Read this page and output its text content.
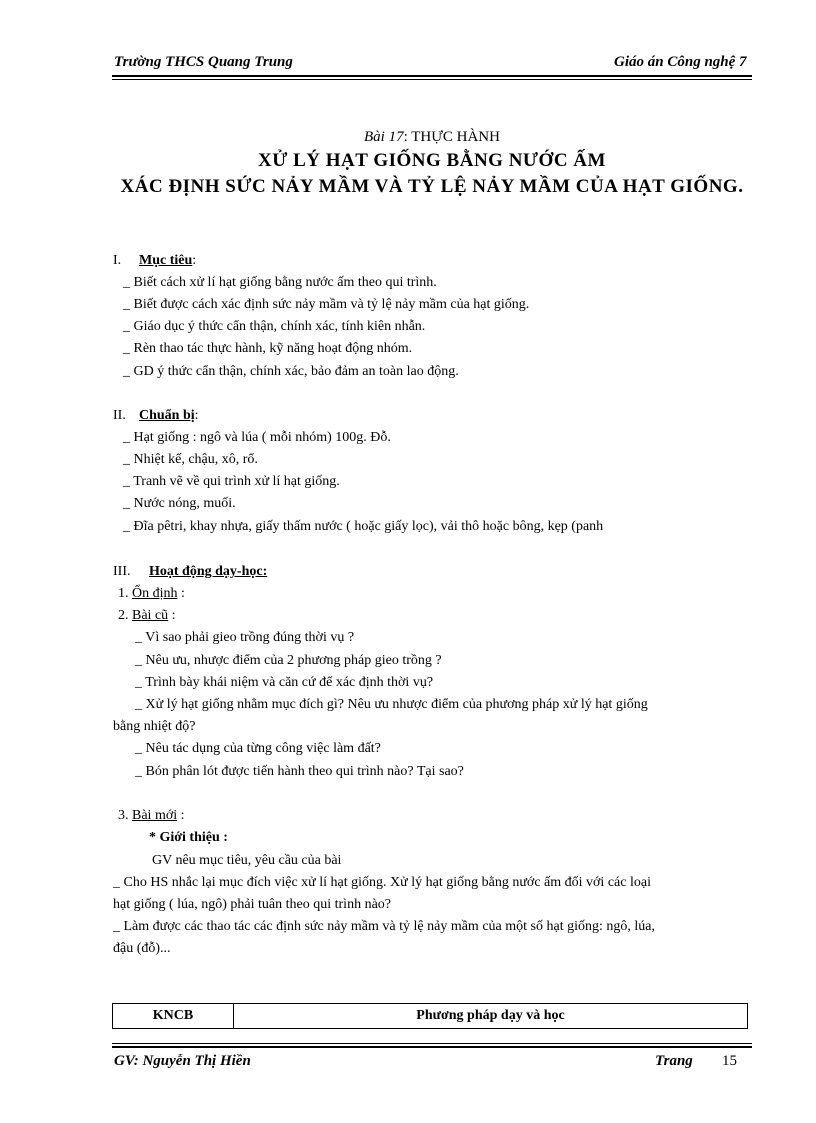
Trường THCS Quang Trung	Giáo án Công nghệ 7
Bài 17: THỰC HÀNH
XỬ LÝ HẠT GIỐNG BẰNG NƯỚC ẤM
XÁC ĐỊNH SỨC NẢY MẦM VÀ TỶ LỆ NẢY MẦM CỦA HẠT GIỐNG.
I. Mục tiêu:
_ Biết cách xử lí hạt giống bằng nước ấm theo qui trình.
_ Biết được cách xác định sức nảy mầm và tỷ lệ nảy mầm của hạt giống.
_ Giáo dục ý thức cẩn thận, chính xác, tính kiên nhẫn.
_ Rèn thao tác thực hành, kỹ năng hoạt động nhóm.
_ GD ý thức cẩn thận, chính xác, bảo đảm an toàn lao động.
II. Chuẩn bị:
_ Hạt giống : ngô và lúa ( mỗi nhóm) 100g. Đỗ.
_ Nhiệt kế, chậu, xô, rổ.
_ Tranh vẽ về qui trình xử lí hạt giống.
_ Nước nóng, muối.
_ Đĩa pêtri, khay nhựa, giấy thấm nước ( hoặc giấy lọc), vải thô hoặc bông, kẹp (panh
III. Hoạt động dạy-học:
1. Ổn định :
2. Bài cũ :
_ Vì sao phải gieo trồng đúng thời vụ ?
_ Nêu ưu, nhược điểm của 2 phương pháp gieo trồng ?
_ Trình bày khái niệm và căn cứ để xác định thời vụ?
_ Xử lý hạt giống nhằm mục đích gì? Nêu ưu nhược điểm của phương pháp xử lý hạt giống
bằng nhiệt độ?
_ Nêu tác dụng của từng công việc làm đất?
_ Bón phân lót được tiến hành theo qui trình nào? Tại sao?
3. Bài mới :
* Giới thiệu :
GV nêu mục tiêu, yêu cầu của bài
_ Cho HS nhắc lại mục đích việc xử lí hạt giống. Xử lý hạt giống bằng nước ấm đối với các loại
hạt giống ( lúa, ngô) phải tuân theo qui trình nào?
_ Làm được các thao tác các định sức nảy mầm và tỷ lệ nảy mầm của một số hạt giống: ngô, lúa,
đậu (đỗ)...
KNCB	Phương pháp dạy và học
GV: Nguyễn Thị Hiền	Trang 15
